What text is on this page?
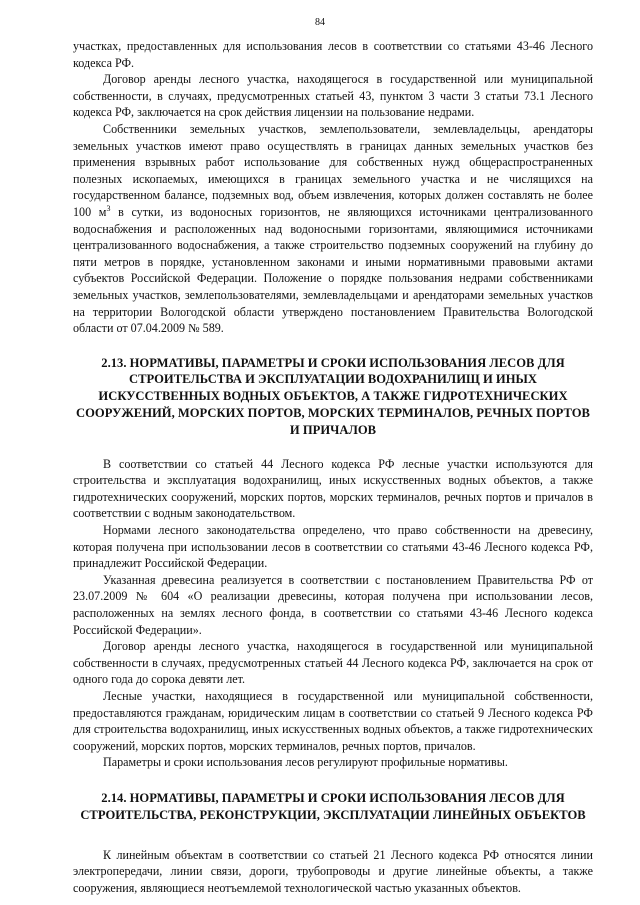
84

участках, предоставленных для использования лесов в соответствии со статьями 43-46 Лесного кодекса РФ.

Договор аренды лесного участка, находящегося в государственной или муниципальной собственности, в случаях, предусмотренных статьей 43, пунктом 3 части 3 статьи 73.1 Лесного кодекса РФ, заключается на срок действия лицензии на пользование недрами.

Собственники земельных участков, землепользователи, землевладельцы, арендаторы земельных участков имеют право осуществлять в границах данных земельных участков без применения взрывных работ использование для собственных нужд общераспространенных полезных ископаемых, имеющихся в границах земельного участка и не числящихся на государственном балансе, подземных вод, объем извлечения, которых должен составлять не более 100 $м^3$ в сутки, из водоносных горизонтов, не являющихся источниками централизованного водоснабжения и расположенных над водоносными горизонтами, являющимися источниками централизованного водоснабжения, а также строительство подземных сооружений на глубину до пяти метров в порядке, установленном законами и иными нормативными правовыми актами субъектов Российской Федерации. Положение о порядке пользования недрами собственниками земельных участков, землепользователями, землевладельцами и арендаторами земельных участков на территории Вологодской области утверждено постановлением Правительства Вологодской области от 07.04.2009 № 589.

2.13. НОРМАТИВЫ, ПАРАМЕТРЫ И СРОКИ ИСПОЛЬЗОВАНИЯ ЛЕСОВ ДЛЯ СТРОИТЕЛЬСТВА И ЭКСПЛУАТАЦИИ ВОДОХРАНИЛИЩ И ИНЫХ ИСКУССТВЕННЫХ ВОДНЫХ ОБЪЕКТОВ, А ТАКЖЕ ГИДРОТЕХНИЧЕСКИХ СООРУЖЕНИЙ, МОРСКИХ ПОРТОВ, МОРСКИХ ТЕРМИНАЛОВ, РЕЧНЫХ ПОРТОВ И ПРИЧАЛОВ

В соответствии со статьей 44 Лесного кодекса РФ лесные участки используются для строительства и эксплуатация водохранилищ, иных искусственных водных объектов, а также гидротехнических сооружений, морских портов, морских терминалов, речных портов и причалов в соответствии с водным законодательством.

Нормами лесного законодательства определено, что право собственности на древесину, которая получена при использовании лесов в соответствии со статьями 43-46 Лесного кодекса РФ, принадлежит Российской Федерации.

Указанная древесина реализуется в соответствии с постановлением Правительства РФ от 23.07.2009 № 604 «О реализации древесины, которая получена при использовании лесов, расположенных на землях лесного фонда, в соответствии со статьями 43-46 Лесного кодекса Российской Федерации».

Договор аренды лесного участка, находящегося в государственной или муниципальной собственности в случаях, предусмотренных статьей 44 Лесного кодекса РФ, заключается на срок от одного года до сорока девяти лет.

Лесные участки, находящиеся в государственной или муниципальной собственности, предоставляются гражданам, юридическим лицам в соответствии со статьей 9 Лесного кодекса РФ для строительства водохранилищ, иных искусственных водных объектов, а также гидротехнических сооружений, морских портов, морских терминалов, речных портов, причалов.

Параметры и сроки использования лесов регулируют профильные нормативы.

2.14. НОРМАТИВЫ, ПАРАМЕТРЫ И СРОКИ ИСПОЛЬЗОВАНИЯ ЛЕСОВ ДЛЯ СТРОИТЕЛЬСТВА, РЕКОНСТРУКЦИИ, ЭКСПЛУАТАЦИИ ЛИНЕЙНЫХ ОБЪЕКТОВ

К линейным объектам в соответствии со статьей 21 Лесного кодекса РФ относятся линии электропередачи, линии связи, дороги, трубопроводы и другие линейные объекты, а также сооружения, являющиеся неотъемлемой технологической частью указанных объектов.
